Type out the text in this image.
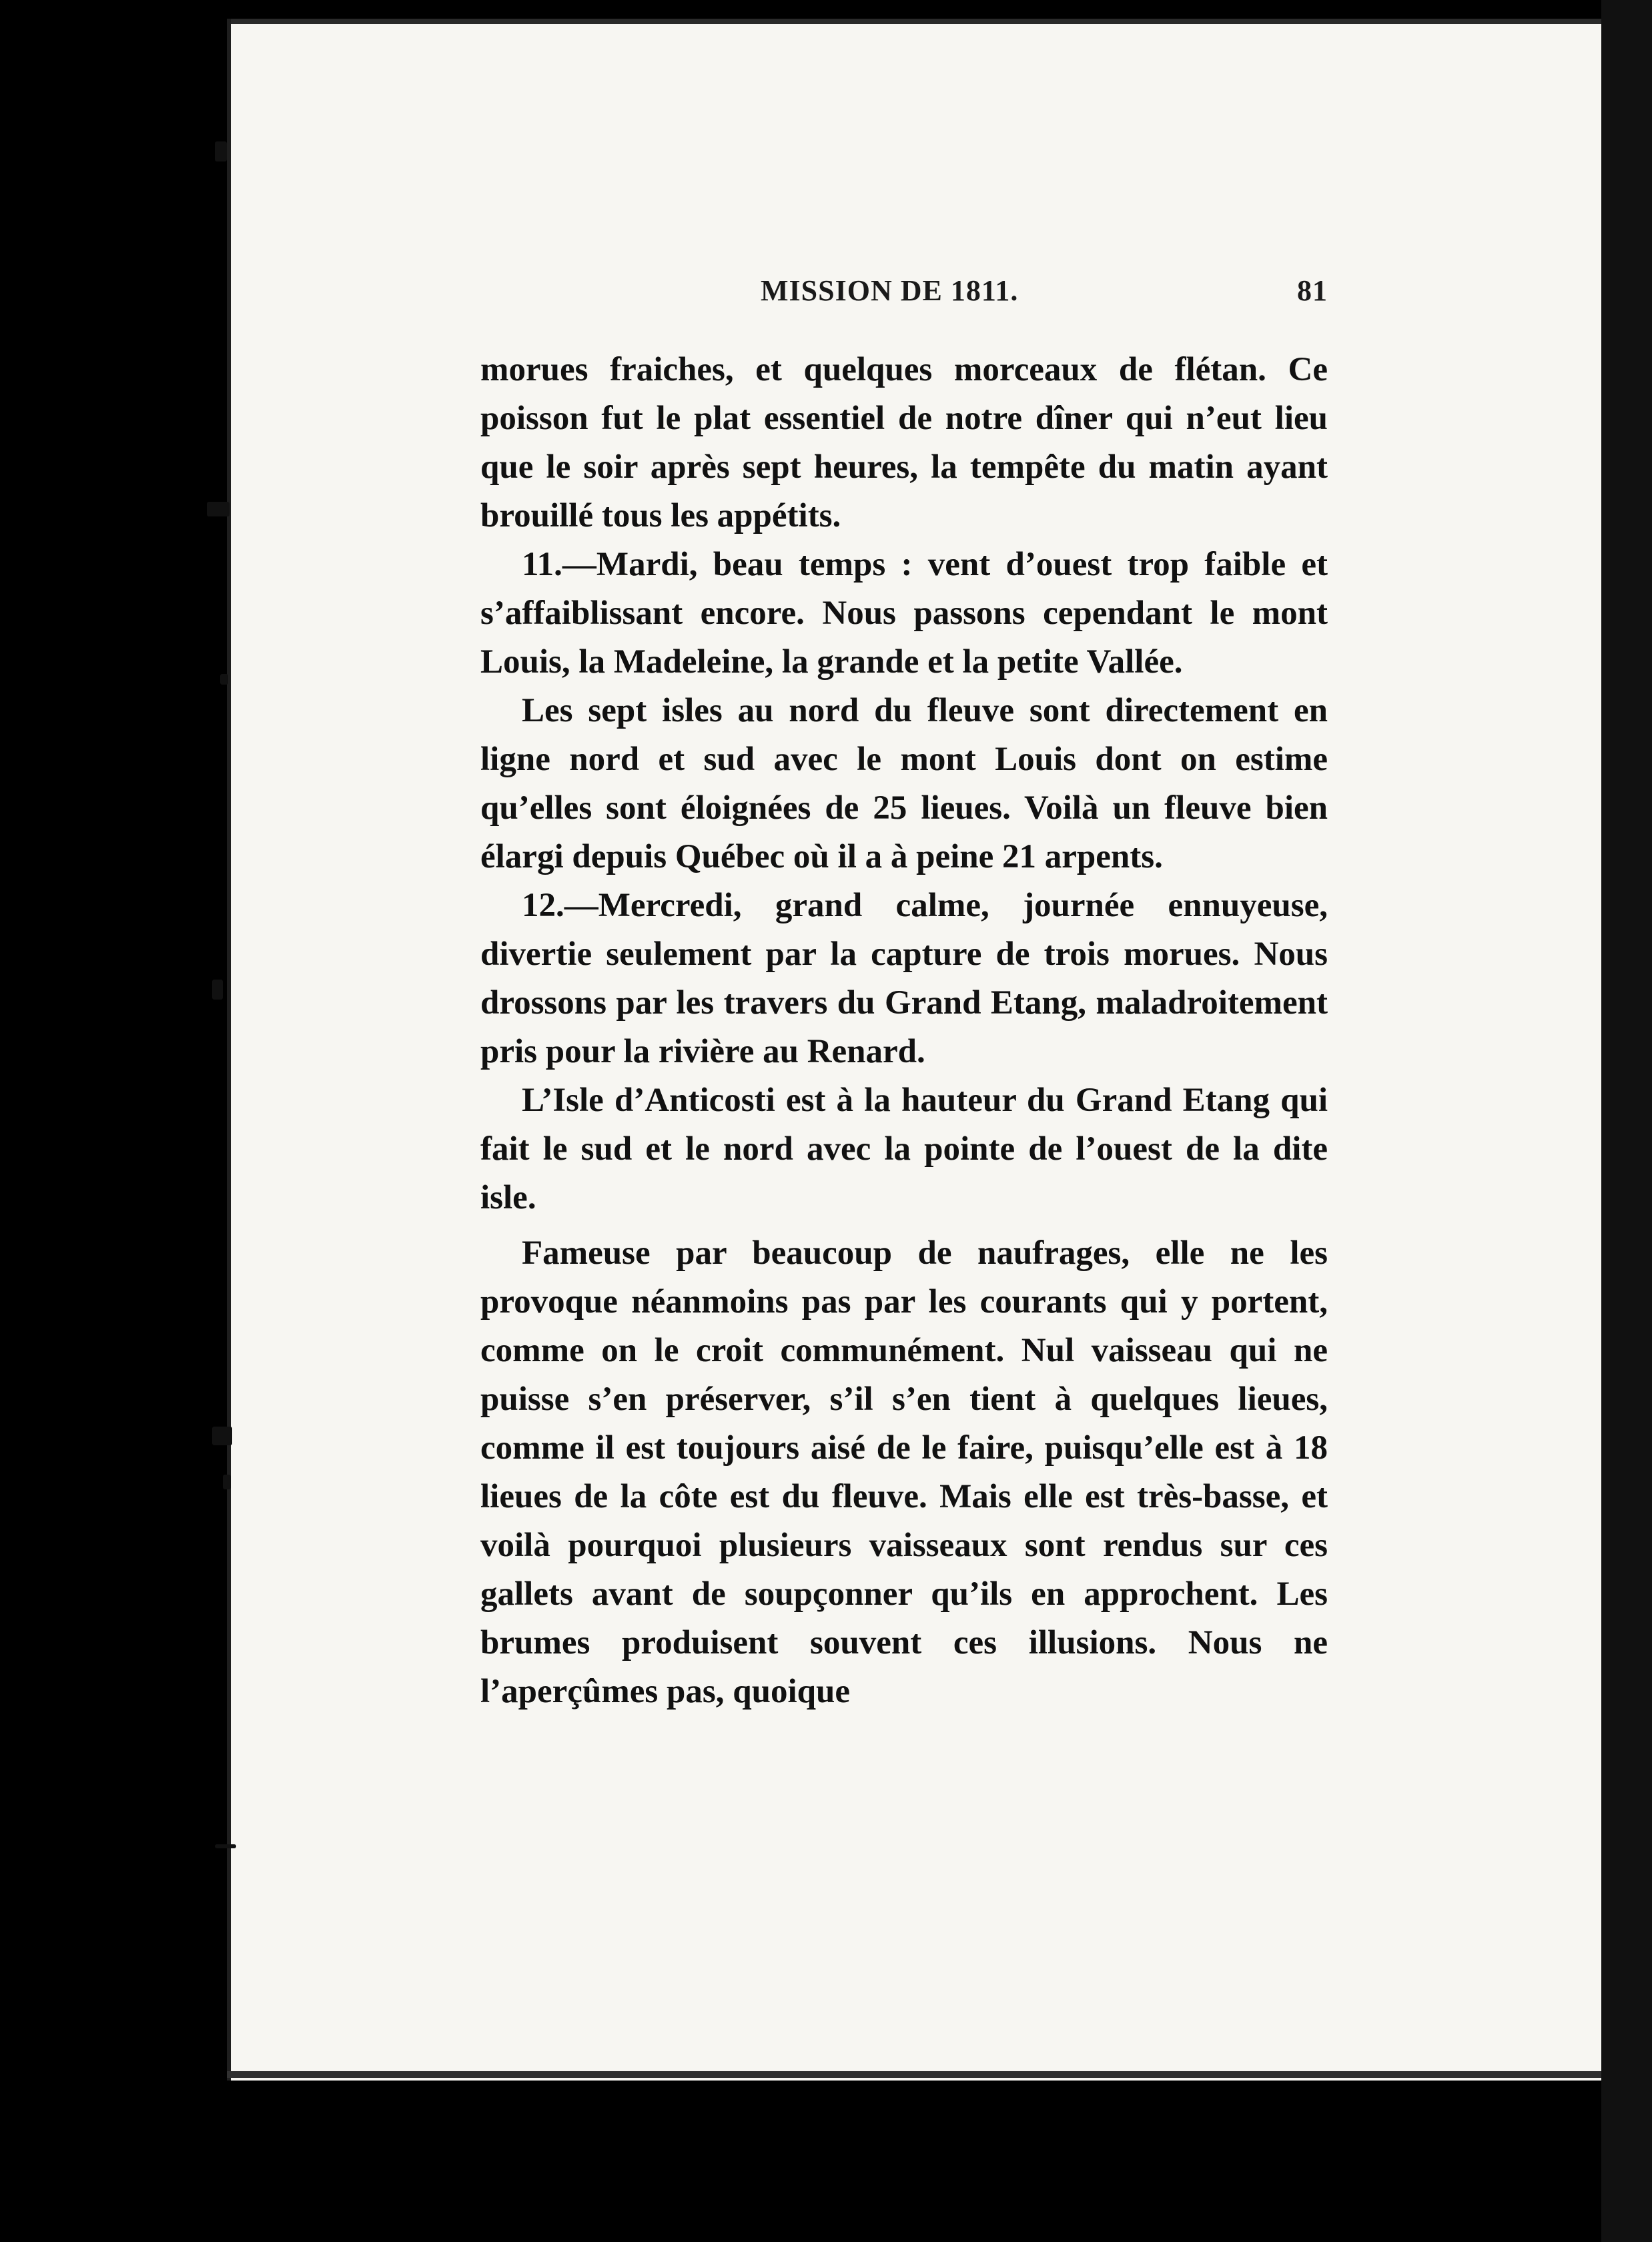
MISSION DE 1811.	81

morues fraiches, et quelques morceaux de flétan. Ce poisson fut le plat essentiel de notre dîner qui n’eut lieu que le soir après sept heures, la tempête du matin ayant brouillé tous les appétits.

11.—Mardi, beau temps : vent d’ouest trop faible et s’affaiblissant encore. Nous passons cependant le mont Louis, la Madeleine, la grande et la petite Vallée.

Les sept isles au nord du fleuve sont directement en ligne nord et sud avec le mont Louis dont on estime qu’elles sont éloignées de 25 lieues. Voilà un fleuve bien élargi depuis Québec où il a à peine 21 arpents.

12.—Mercredi, grand calme, journée ennuyeuse, divertie seulement par la capture de trois morues. Nous drossons par les travers du Grand Etang, maladroitement pris pour la rivière au Renard.

L’Isle d’Anticosti est à la hauteur du Grand Etang qui fait le sud et le nord avec la pointe de l’ouest de la dite isle.

Fameuse par beaucoup de naufrages, elle ne les provoque néanmoins pas par les courants qui y portent, comme on le croit communément. Nul vaisseau qui ne puisse s’en préserver, s’il s’en tient à quelques lieues, comme il est toujours aisé de le faire, puisqu’elle est à 18 lieues de la côte est du fleuve. Mais elle est très-basse, et voilà pourquoi plusieurs vaisseaux sont rendus sur ces gallets avant de soupçonner qu’ils en approchent. Les brumes produisent souvent ces illusions. Nous ne l’aperçûmes pas, quoique
